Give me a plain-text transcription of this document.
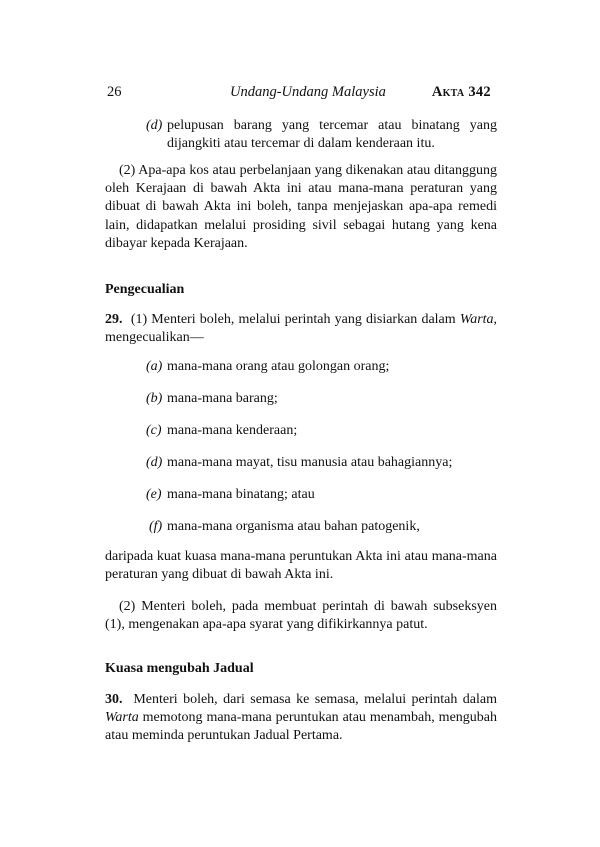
26	Undang-Undang Malaysia	Akta 342
(d) pelupusan barang yang tercemar atau binatang yang dijangkiti atau tercemar di dalam kenderaan itu.
(2) Apa-apa kos atau perbelanjaan yang dikenakan atau ditanggung oleh Kerajaan di bawah Akta ini atau mana-mana peraturan yang dibuat di bawah Akta ini boleh, tanpa menjejaskan apa-apa remedi lain, didapatkan melalui prosiding sivil sebagai hutang yang kena dibayar kepada Kerajaan.
Pengecualian
29. (1) Menteri boleh, melalui perintah yang disiarkan dalam Warta, mengecualikan—
(a) mana-mana orang atau golongan orang;
(b) mana-mana barang;
(c) mana-mana kenderaan;
(d) mana-mana mayat, tisu manusia atau bahagiannya;
(e) mana-mana binatang; atau
(f) mana-mana organisma atau bahan patogenik,
daripada kuat kuasa mana-mana peruntukan Akta ini atau mana-mana peraturan yang dibuat di bawah Akta ini.
(2) Menteri boleh, pada membuat perintah di bawah subseksyen (1), mengenakan apa-apa syarat yang difikirkannya patut.
Kuasa mengubah Jadual
30. Menteri boleh, dari semasa ke semasa, melalui perintah dalam Warta memotong mana-mana peruntukan atau menambah, mengubah atau meminda peruntukan Jadual Pertama.
